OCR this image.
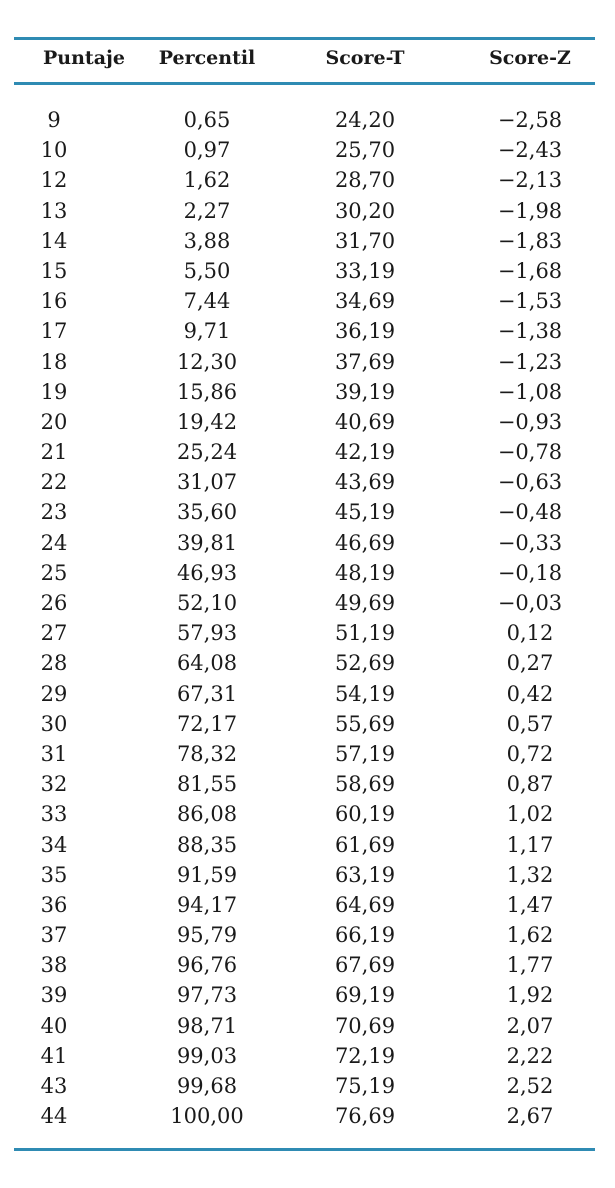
Puntaje	Percentil	Score-T	Score-Z
9	0,65	24,20	−2,58
10	0,97	25,70	−2,43
12	1,62	28,70	−2,13
13	2,27	30,20	−1,98
14	3,88	31,70	−1,83
15	5,50	33,19	−1,68
16	7,44	34,69	−1,53
17	9,71	36,19	−1,38
18	12,30	37,69	−1,23
19	15,86	39,19	−1,08
20	19,42	40,69	−0,93
21	25,24	42,19	−0,78
22	31,07	43,69	−0,63
23	35,60	45,19	−0,48
24	39,81	46,69	−0,33
25	46,93	48,19	−0,18
26	52,10	49,69	−0,03
27	57,93	51,19	0,12
28	64,08	52,69	0,27
29	67,31	54,19	0,42
30	72,17	55,69	0,57
31	78,32	57,19	0,72
32	81,55	58,69	0,87
33	86,08	60,19	1,02
34	88,35	61,69	1,17
35	91,59	63,19	1,32
36	94,17	64,69	1,47
37	95,79	66,19	1,62
38	96,76	67,69	1,77
39	97,73	69,19	1,92
40	98,71	70,69	2,07
41	99,03	72,19	2,22
43	99,68	75,19	2,52
44	100,00	76,69	2,67
